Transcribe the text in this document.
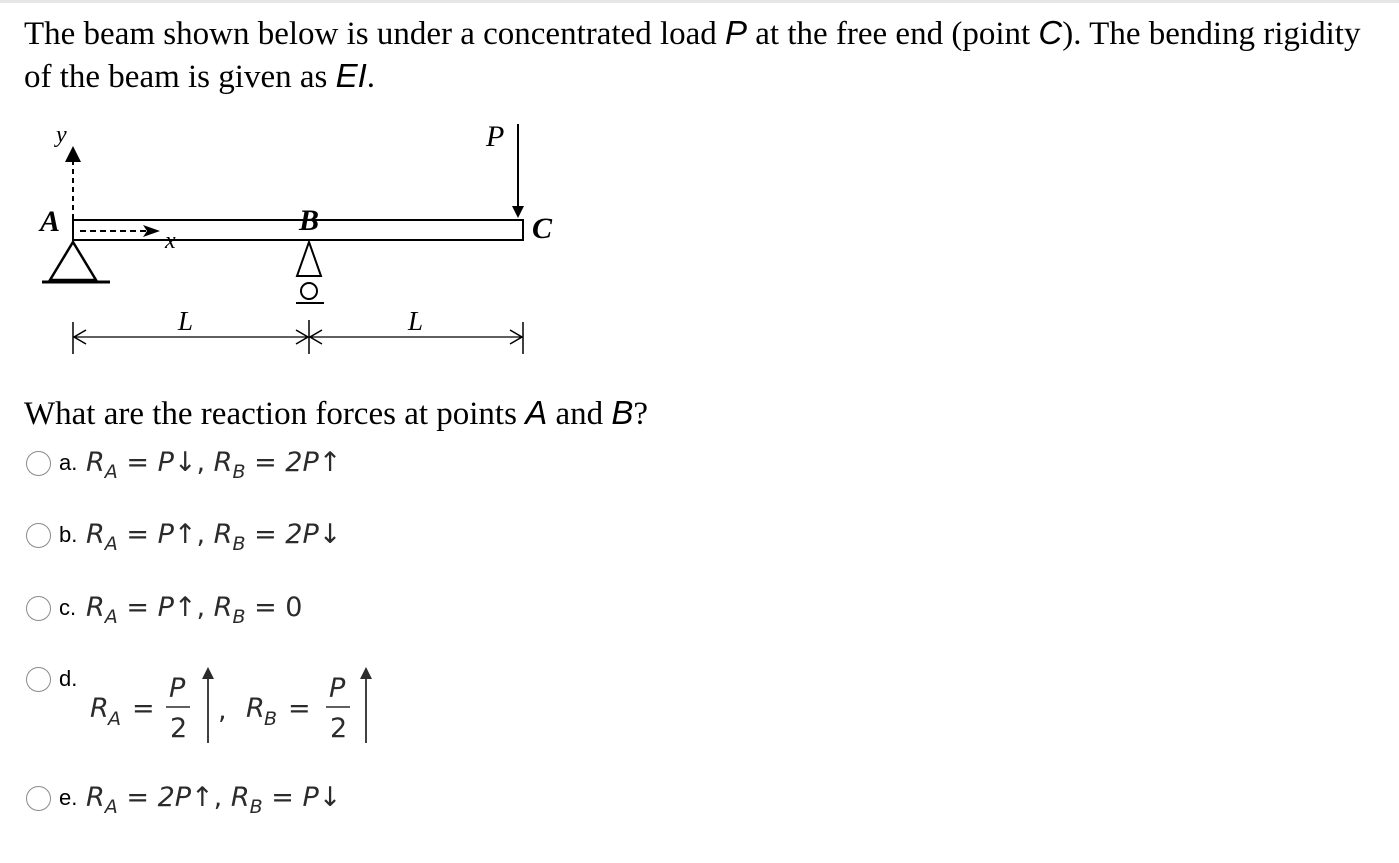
The beam shown below is under a concentrated load P at the free end (point C). The bending rigidity of the beam is given as EI.
y
x
A	B
P
C
L	L
What are the reaction forces at points A and B?
a. $R_A$ = P↓, $R_B$ = 2P↑
b. $R_A$ = P↑, $R_B$ = 2P↓
c. $R_A$ = P↑, $R_B = 0$
d.
R A =
P
2
, R B =
P
2
e. $R_A$ = 2P↑, $R_B$ = P↓
